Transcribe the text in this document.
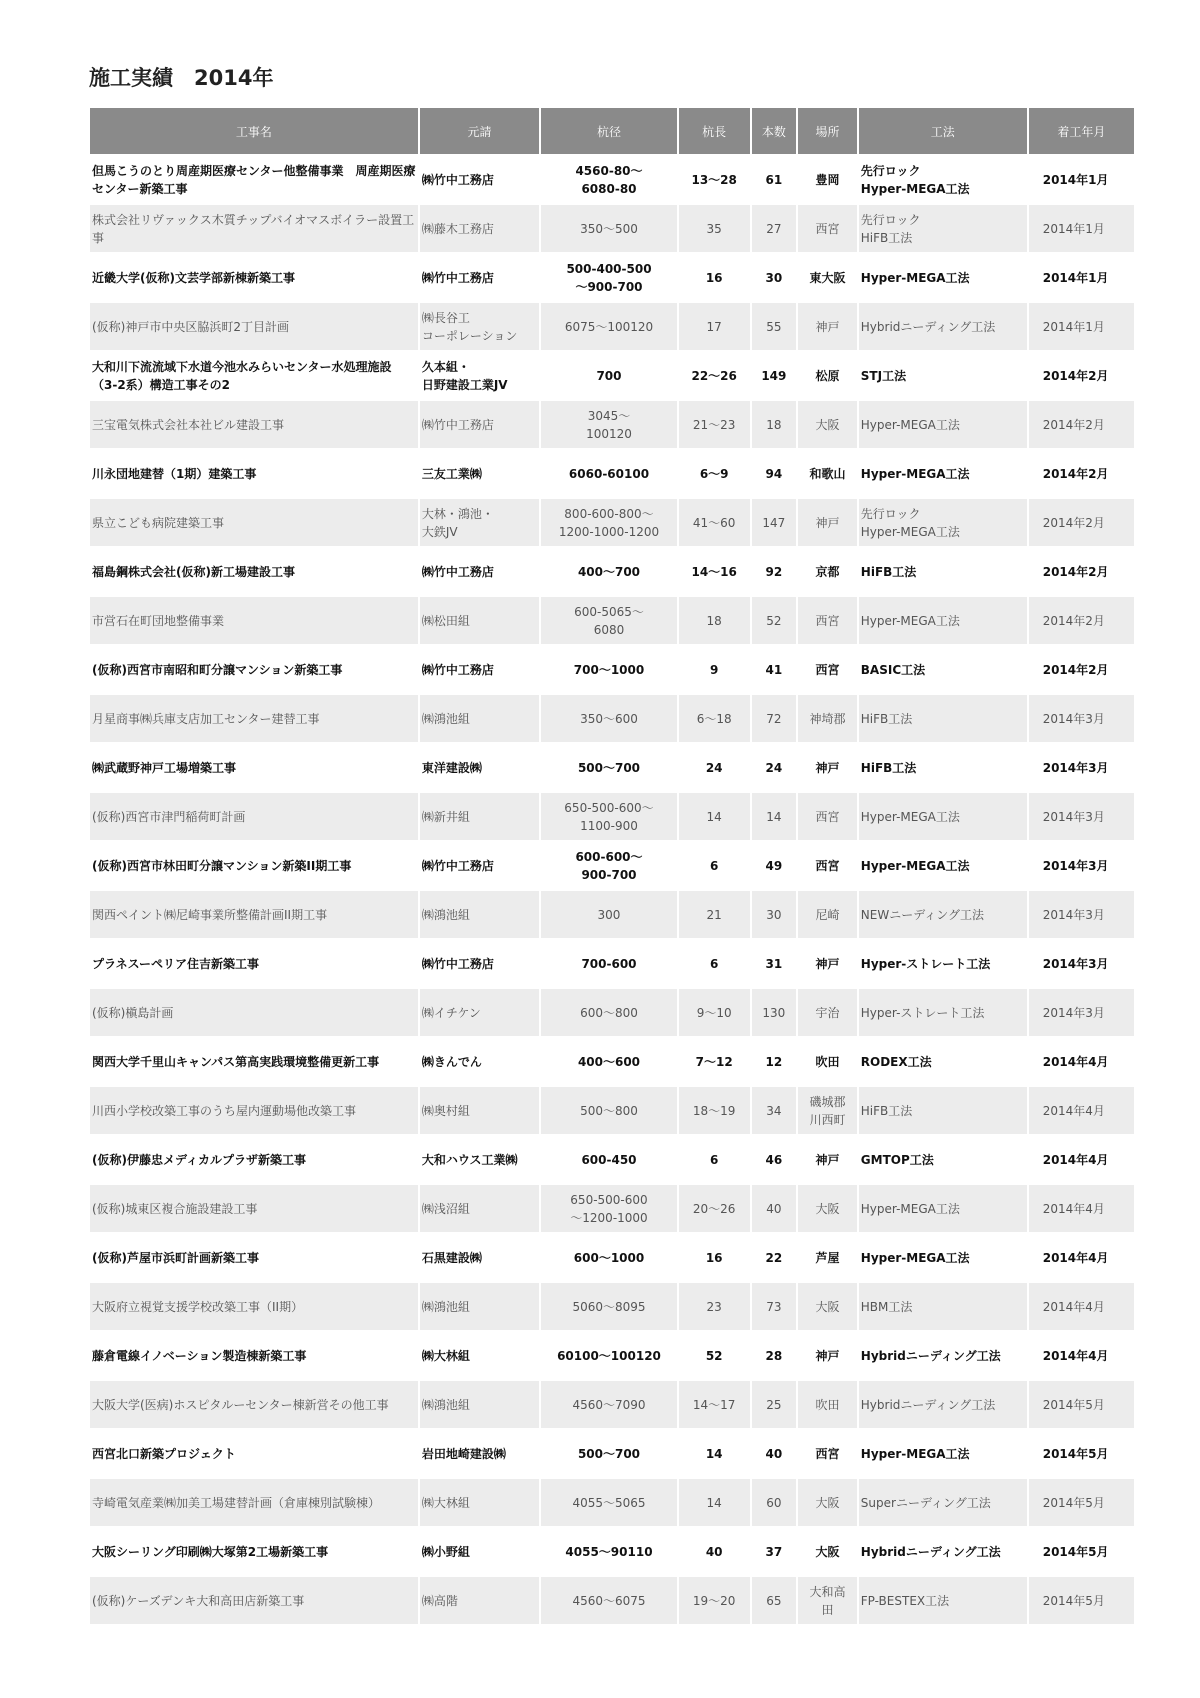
施工実績　2014年
工事名	元請	杭径	杭長	本数	場所	工法	着工年月
但馬こうのとり周産期医療センター他整備事業　周産期医療センター新築工事	㈱竹中工務店	4560-80〜
6080-80	13〜28	61	豊岡	先行ロック
Hyper-MEGA工法	2014年1月
株式会社リヴァックス木質チップバイオマスボイラー設置工事	㈱藤木工務店	350〜500	35	27	西宮	先行ロック
HiFB工法	2014年1月
近畿大学(仮称)文芸学部新棟新築工事	㈱竹中工務店	500-400-500
〜900-700	16	30	東大阪	Hyper-MEGA工法	2014年1月
(仮称)神戸市中央区脇浜町2丁目計画	㈱長谷工
コーポレーション	6075〜100120	17	55	神戸	Hybridニーディング工法	2014年1月
大和川下流流域下水道今池水みらいセンター水処理施設（3-2系）構造工事その2	久本組・
日野建設工業JV	700	22〜26	149	松原	STJ工法	2014年2月
三宝電気株式会社本社ビル建設工事	㈱竹中工務店	3045〜
100120	21〜23	18	大阪	Hyper-MEGA工法	2014年2月
川永団地建替（1期）建築工事	三友工業㈱	6060-60100	6〜9	94	和歌山	Hyper-MEGA工法	2014年2月
県立こども病院建築工事	大林・鴻池・
大鉄JV	800-600-800〜
1200-1000-1200	41〜60	147	神戸	先行ロック
Hyper-MEGA工法	2014年2月
福島鋼株式会社(仮称)新工場建設工事	㈱竹中工務店	400〜700	14〜16	92	京都	HiFB工法	2014年2月
市営石在町団地整備事業	㈱松田組	600-5065〜
6080	18	52	西宮	Hyper-MEGA工法	2014年2月
(仮称)西宮市南昭和町分譲マンション新築工事	㈱竹中工務店	700〜1000	9	41	西宮	BASIC工法	2014年2月
月星商事㈱兵庫支店加工センター建替工事	㈱鴻池組	350〜600	6〜18	72	神埼郡	HiFB工法	2014年3月
㈱武蔵野神戸工場増築工事	東洋建設㈱	500〜700	24	24	神戸	HiFB工法	2014年3月
(仮称)西宮市津門稲荷町計画	㈱新井組	650-500-600〜
1100-900	14	14	西宮	Hyper-MEGA工法	2014年3月
(仮称)西宮市林田町分譲マンション新築II期工事	㈱竹中工務店	600-600〜
900-700	6	49	西宮	Hyper-MEGA工法	2014年3月
関西ペイント㈱尼崎事業所整備計画II期工事	㈱鴻池組	300	21	30	尼崎	NEWニーディング工法	2014年3月
プラネスーペリア住吉新築工事	㈱竹中工務店	700-600	6	31	神戸	Hyper-ストレート工法	2014年3月
(仮称)槇島計画	㈱イチケン	600〜800	9〜10	130	宇治	Hyper-ストレート工法	2014年3月
関西大学千里山キャンパス第高実践環境整備更新工事	㈱きんでん	400〜600	7〜12	12	吹田	RODEX工法	2014年4月
川西小学校改築工事のうち屋内運動場他改築工事	㈱奥村組	500〜800	18〜19	34	磯城郡
川西町	HiFB工法	2014年4月
(仮称)伊藤忠メディカルプラザ新築工事	大和ハウス工業㈱	600-450	6	46	神戸	GMTOP工法	2014年4月
(仮称)城東区複合施設建設工事	㈱浅沼組	650-500-600
〜1200-1000	20〜26	40	大阪	Hyper-MEGA工法	2014年4月
(仮称)芦屋市浜町計画新築工事	石黒建設㈱	600〜1000	16	22	芦屋	Hyper-MEGA工法	2014年4月
大阪府立視覚支援学校改築工事（II期）	㈱鴻池組	5060〜8095	23	73	大阪	HBM工法	2014年4月
藤倉電線イノベーション製造棟新築工事	㈱大林組	60100〜100120	52	28	神戸	Hybridニーディング工法	2014年4月
大阪大学(医病)ホスピタルーセンター棟新営その他工事	㈱鴻池組	4560〜7090	14〜17	25	吹田	Hybridニーディング工法	2014年5月
西宮北口新築プロジェクト	岩田地崎建設㈱	500〜700	14	40	西宮	Hyper-MEGA工法	2014年5月
寺崎電気産業㈱加美工場建替計画（倉庫棟別試験棟）	㈱大林組	4055〜5065	14	60	大阪	Superニーディング工法	2014年5月
大阪シーリング印刷㈱大塚第2工場新築工事	㈱小野組	4055〜90110	40	37	大阪	Hybridニーディング工法	2014年5月
(仮称)ケーズデンキ大和高田店新築工事	㈱高階	4560〜6075	19〜20	65	大和高
田	FP-BESTEX工法	2014年5月
